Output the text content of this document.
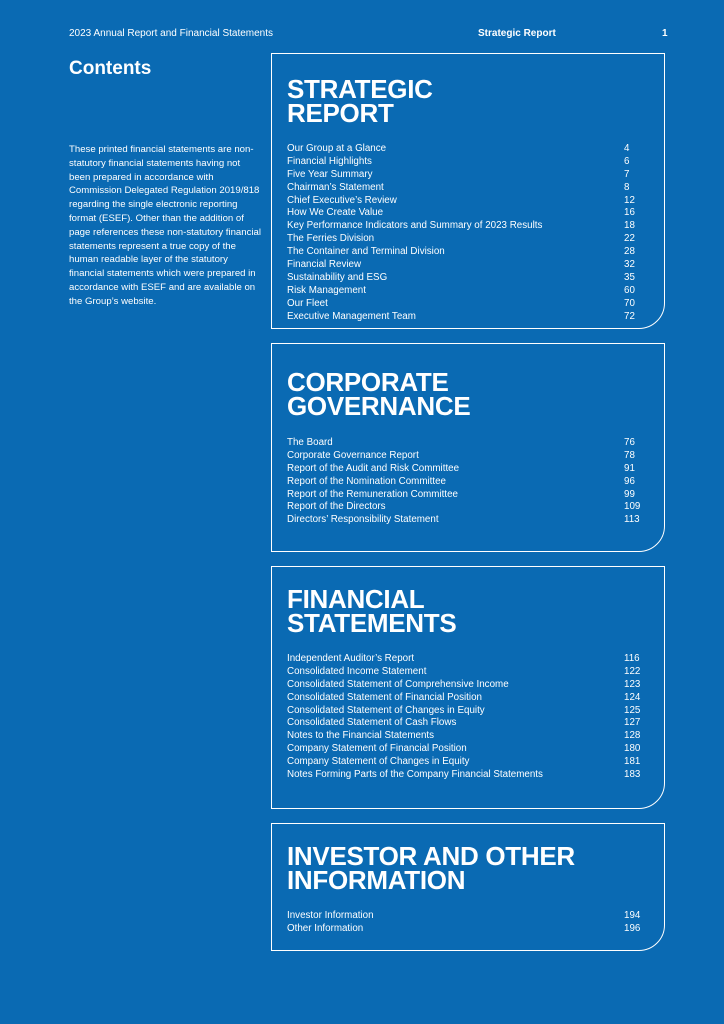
2023 Annual Report and Financial Statements	Strategic Report	1
Contents

These printed financial statements are non-statutory financial statements having not been prepared in accordance with Commission Delegated Regulation 2019/818 regarding the single electronic reporting format (ESEF). Other than the addition of page references these non-statutory financial statements represent a true copy of the human readable layer of the statutory financial statements which were prepared in accordance with ESEF and are available on the Group’s website.

STRATEGIC
REPORT
Our Group at a Glance	4
Financial Highlights	6
Five Year Summary	7
Chairman’s Statement	8
Chief Executive’s Review	12
How We Create Value	16
Key Performance Indicators and Summary of 2023 Results	18
The Ferries Division	22
The Container and Terminal Division	28
Financial Review	32
Sustainability and ESG	35
Risk Management	60
Our Fleet	70
Executive Management Team	72
CORPORATE
GOVERNANCE
The Board	76
Corporate Governance Report	78
Report of the Audit and Risk Committee	91
Report of the Nomination Committee	96
Report of the Remuneration Committee	99
Report of the Directors	109
Directors’ Responsibility Statement	113
FINANCIAL
STATEMENTS
Independent Auditor’s Report	116
Consolidated Income Statement	122
Consolidated Statement of Comprehensive Income	123
Consolidated Statement of Financial Position	124
Consolidated Statement of Changes in Equity	125
Consolidated Statement of Cash Flows	127
Notes to the Financial Statements	128
Company Statement of Financial Position	180
Company Statement of Changes in Equity	181
Notes Forming Parts of the Company Financial Statements	183
INVESTOR AND OTHER
INFORMATION
Investor Information	194
Other Information	196
